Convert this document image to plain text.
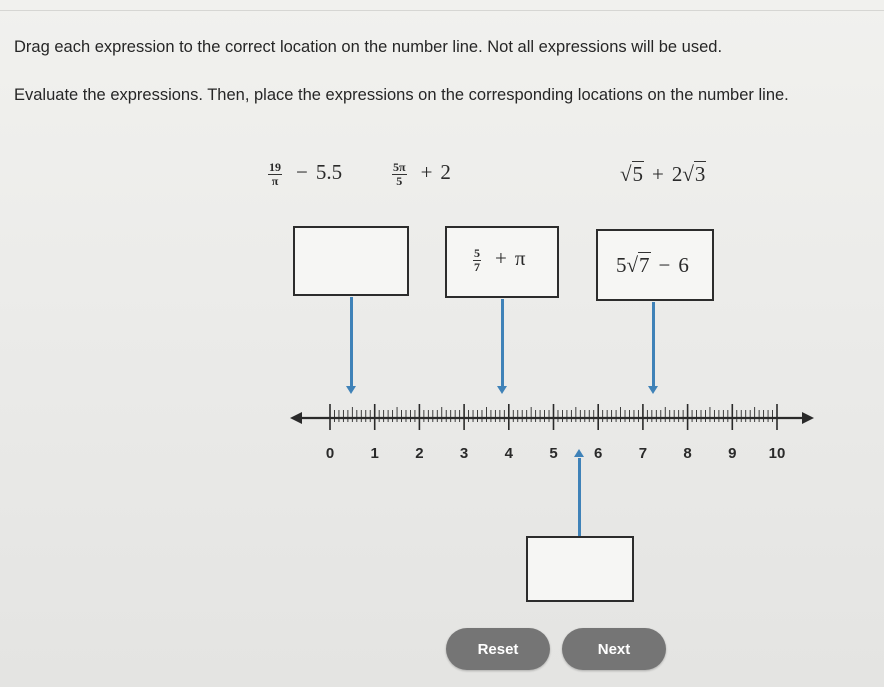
Drag each expression to the correct location on the number line. Not all expressions will be used.
Evaluate the expressions. Then, place the expressions on the corresponding locations on the number line.
$\frac{19}{\pi} - 5.5$	$\frac{5\pi}{5} + 2$	√5 + 2√3
$\frac{5}{7} + \pi$	5√7 − 6
0 1 2 3 4 5 6 7 8 9 10
Reset	Next
